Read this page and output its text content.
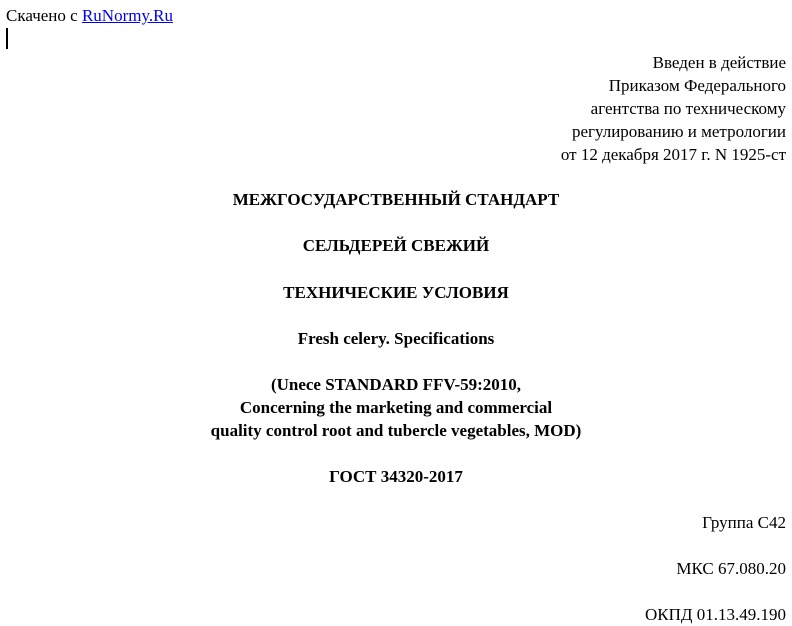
Скачено с RuNormy.Ru
Введен в действие
Приказом Федерального
агентства по техническому
регулированию и метрологии
от 12 декабря 2017 г. N 1925-ст
МЕЖГОСУДАРСТВЕННЫЙ СТАНДАРТ
СЕЛЬДЕРЕЙ СВЕЖИЙ
ТЕХНИЧЕСКИЕ УСЛОВИЯ
Fresh celery. Specifications
(Unece STANDARD FFV-59:2010,
Concerning the marketing and commercial
quality control root and tubercle vegetables, MOD)
ГОСТ 34320-2017
Группа С42
МКС 67.080.20
ОКПД 01.13.49.190
